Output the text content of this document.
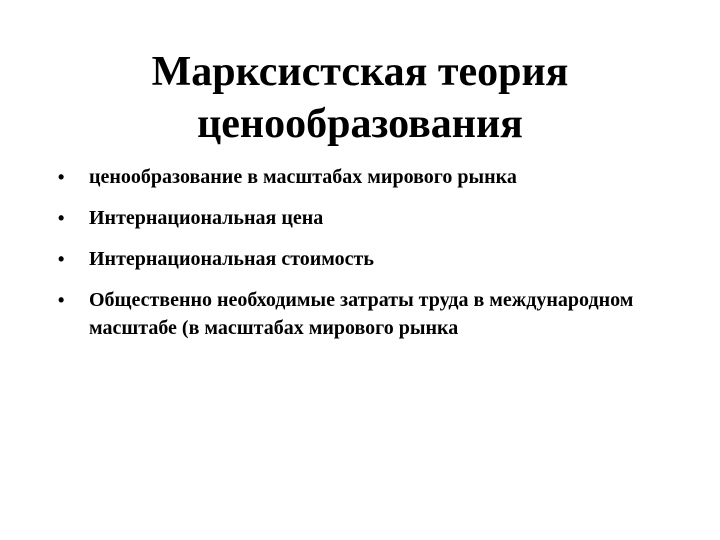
Марксистская теория
ценообразования
• ценообразование в масштабах мирового рынка
• Интернациональная цена
• Интернациональная стоимость
• Общественно необходимые затраты труда в международном масштабе (в масштабах мирового рынка
